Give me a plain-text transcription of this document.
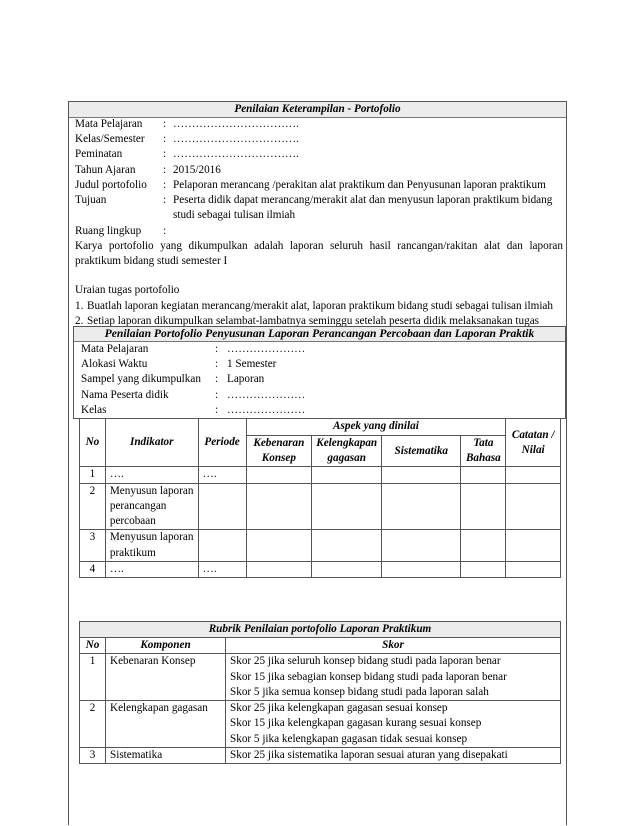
Penilaian Keterampilan - Portofolio
Mata Pelajaran	: …………………………….
Kelas/Semester	: …………………………….
Peminatan	: …………………………….
Tahun Ajaran	: 2015/2016
Judul portofolio	: Pelaporan merancang /perakitan alat praktikum dan Penyusunan laporan praktikum
Tujuan	: Peserta didik dapat merancang/merakit alat dan menyusun laporan praktikum bidang studi sebagai tulisan ilmiah
Ruang lingkup	:
Karya portofolio yang dikumpulkan adalah laporan seluruh hasil rancangan/rakitan alat dan laporan praktikum bidang studi semester I
Uraian tugas portofolio
1. Buatlah laporan kegiatan merancang/merakit alat, laporan praktikum bidang studi sebagai tulisan ilmiah
2. Setiap laporan dikumpulkan selambat-lambatnya seminggu setelah peserta didik melaksanakan tugas
Penilaian Portofolio Penyusunan Laporan Perancangan Percobaan dan Laporan Praktik
Mata Pelajaran	: …………………
Alokasi Waktu	: 1 Semester
Sampel yang dikumpulkan	: Laporan
Nama Peserta didik	: …………………
Kelas	: …………………
No	Indikator	Periode	Aspek yang dinilai				Catatan / Nilai
			Kebenaran Konsep	Kelengkapan gagasan	Sistematika	Tata Bahasa	
1	….	….					
2	Menyusun laporan perancangan percobaan						
3	Menyusun laporan praktikum						
4	….	….					
Rubrik Penilaian portofolio Laporan Praktikum		
No	Komponen	Skor
1	Kebenaran Konsep	Skor 25 jika seluruh konsep bidang studi pada laporan benar
Skor 15 jika sebagian konsep bidang studi pada laporan benar
Skor 5 jika semua konsep bidang studi pada laporan salah

2	Kelengkapan gagasan	Skor 25 jika kelengkapan gagasan sesuai konsep
Skor 15 jika kelengkapan gagasan kurang sesuai konsep
Skor 5 jika kelengkapan gagasan tidak sesuai konsep

3	Sistematika	Skor 25 jika sistematika laporan sesuai aturan yang disepakati
